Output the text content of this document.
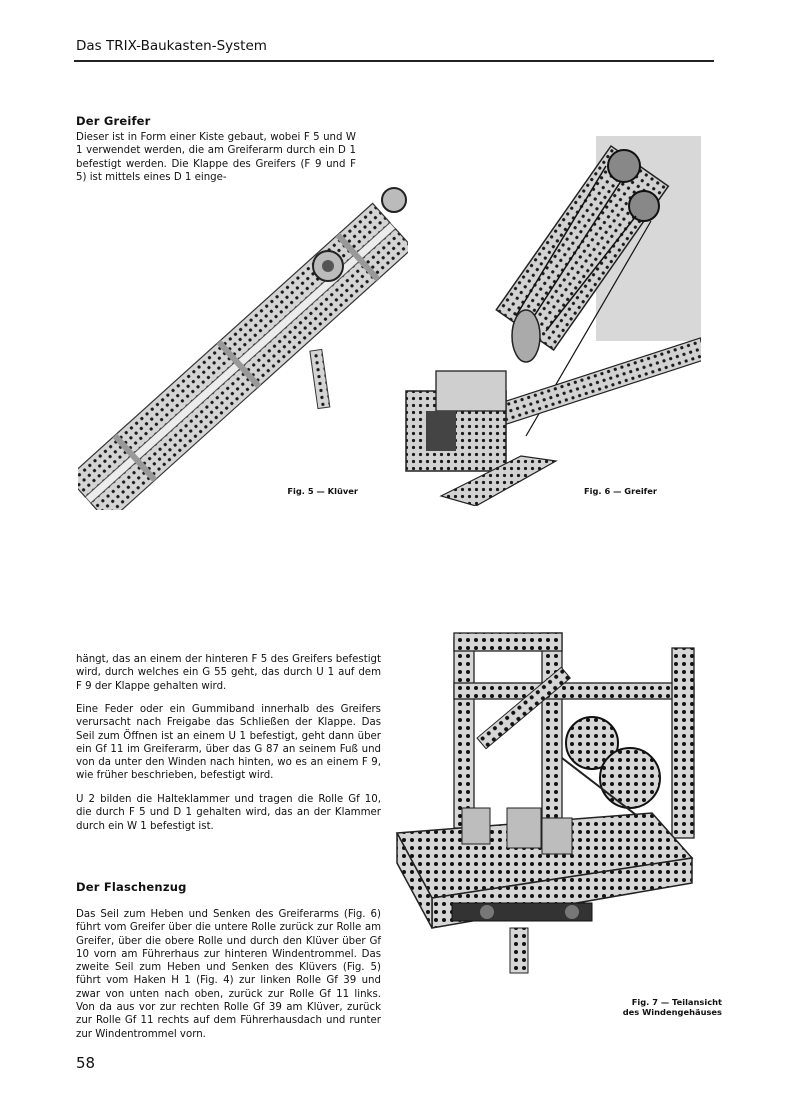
Das TRIX-Baukasten-System
Der Greifer

Dieser ist in Form einer Kiste gebaut, wobei F 5 und W 1 verwendet werden, die am Greiferarm durch ein D 1 befestigt werden. Die Klappe des Greifers (F 9 und F 5) ist mittels eines D 1 einge-

Fig. 5 — Klüver	Fig. 6 — Greifer

hängt, das an einem der hinteren F 5 des Greifers befestigt wird, durch welches ein G 55 geht, das durch U 1 auf dem F 9 der Klappe gehalten wird.

Eine Feder oder ein Gummiband innerhalb des Greifers verursacht nach Freigabe das Schließen der Klappe. Das Seil zum Öffnen ist an einem U 1 befestigt, geht dann über ein Gf 11 im Greiferarm, über das G 87 an seinem Fuß und von da unter den Winden nach hinten, wo es an einem F 9, wie früher beschrieben, befestigt wird.

U 2 bilden die Halteklammer und tragen die Rolle Gf 10, die durch F 5 und D 1 gehalten wird, das an der Klammer durch ein W 1 befestigt ist.

Der Flaschenzug

Das Seil zum Heben und Senken des Greiferarms (Fig. 6) führt vom Greifer über die untere Rolle zurück zur Rolle am Greifer, über die obere Rolle und durch den Klüver über Gf 10 vorn am Führerhaus zur hinteren Windentrommel. Das zweite Seil zum Heben und Senken des Klüvers (Fig. 5) führt vom Haken H 1 (Fig. 4) zur linken Rolle Gf 39 und zwar von unten nach oben, zurück zur Rolle Gf 11 links. Von da aus vor zur rechten Rolle Gf 39 am Klüver, zurück zur Rolle Gf 11 rechts auf dem Führerhausdach und runter zur Windentrommel vorn.

Fig. 7 — Teilansicht
des Windengehäuses
58
